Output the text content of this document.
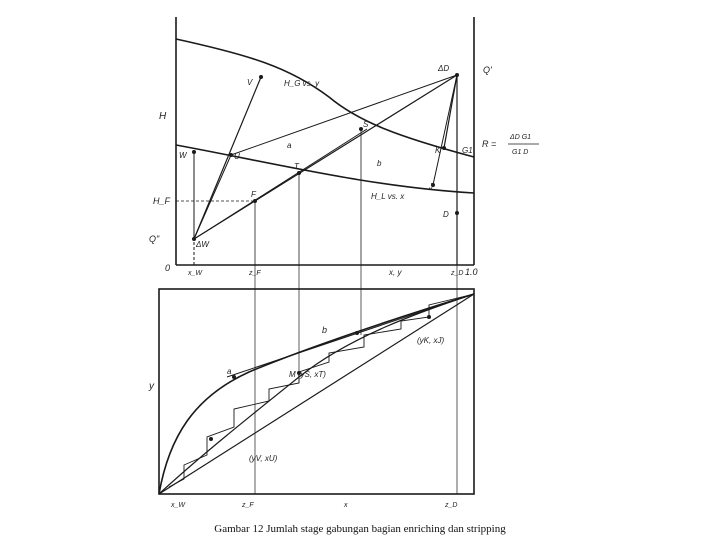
H
H_F
Q"
Q'
0	1.0
x, y
x_W	z_F	z_D
H_G vs. y
H_L vs. x
V
U
W
T
S
K	G1
J
D
F
ΔD
ΔW
a
b
R =
ΔD G1
G1 D
y
a
b
M (yS, xT)
(yK, xJ)
(yV, xU)
x_W	z_F	x	z_D
Gambar 12 Jumlah stage gabungan bagian enriching dan stripping
